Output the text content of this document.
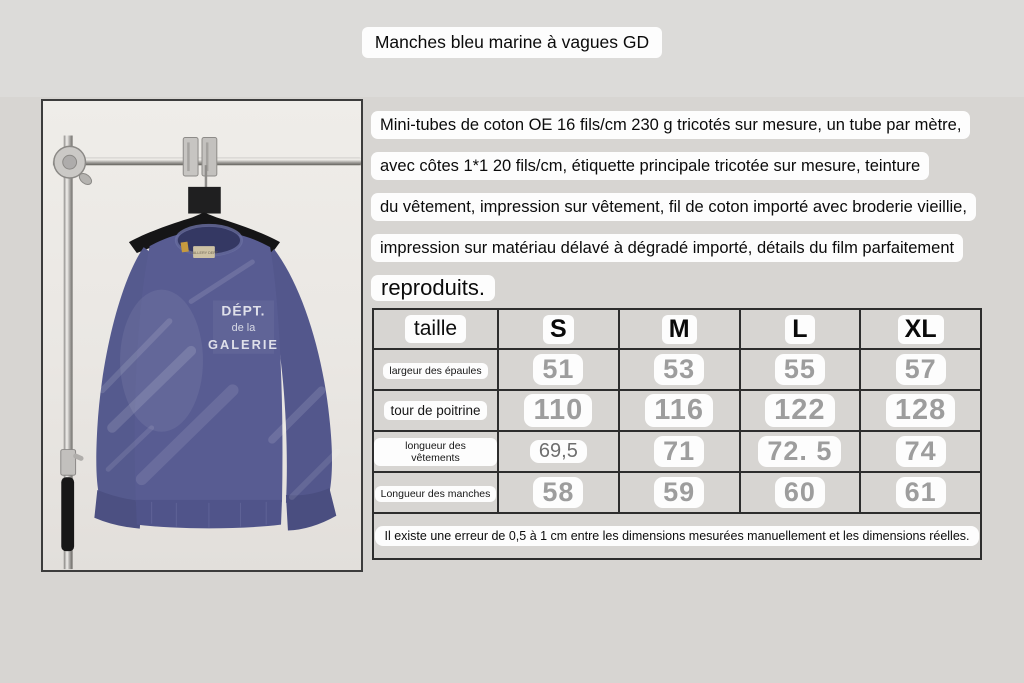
Manches bleu marine à vagues GD
GALLERY DEPT
DÉPT.
de la
GALERIE
Mini-tubes de coton OE 16 fils/cm 230 g tricotés sur mesure, un tube par mètre,
avec côtes 1*1 20 fils/cm, étiquette principale tricotée sur mesure, teinture
du vêtement, impression sur vêtement, fil de coton importé avec broderie vieillie,
impression sur matériau délavé à dégradé importé, détails du film parfaitement
reproduits.
taille	S	M	L	XL
largeur des épaules	51	53	55	57
tour de poitrine	110	116	122	128
longueur des vêtements	69,5	71	72. 5	74
Longueur des manches	58	59	60	61
Il existe une erreur de 0,5 à 1 cm entre les dimensions mesurées manuellement et les dimensions réelles.				
